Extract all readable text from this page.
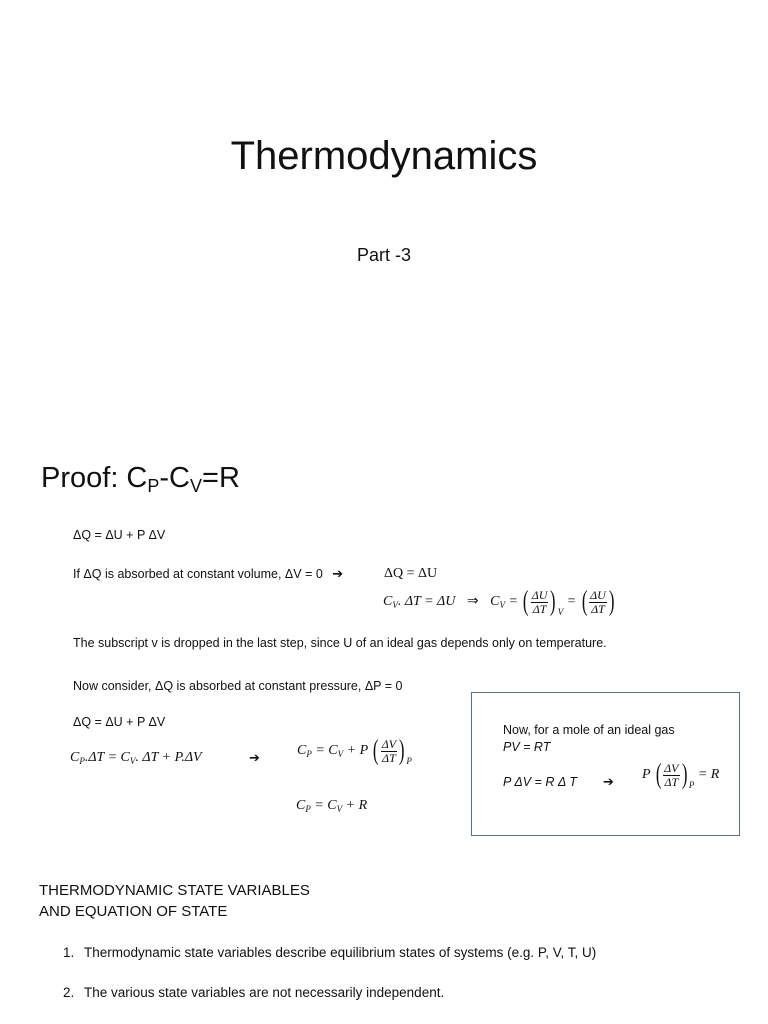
Thermodynamics
Part -3
Proof: CP-CV=R
ΔQ = ΔU + P ΔV
If ΔQ is absorbed at constant volume, ΔV = 0 ➔	ΔQ = ΔU
$C_V$. ΔT = ΔU ⇒ $C_V$ = ( $\frac{\Delta U}{\Delta T}$ ) $_V$ = ( $\frac{\Delta U}{\Delta T}$ )
The subscript v is dropped in the last step, since U of an ideal gas depends only on temperature.
Now consider, ΔQ is absorbed at constant pressure, ΔP = 0
ΔQ = ΔU + P ΔV
$C_P.\Delta T = C_V$. ΔT + P.ΔV	➔
$C_P = C_V + P$ ( $\frac{\Delta V}{\Delta T}$ ) $_P$
$C_P = C_V + R$
Now, for a mole of an ideal gas
PV = RT
P ΔV = R Δ T ➔
P ( $\frac{\Delta V}{\Delta T}$ ) $_P$ = R
THERMODYNAMIC STATE VARIABLES
AND EQUATION OF STATE
1. Thermodynamic state variables describe equilibrium states of systems (e.g. P, V, T, U)
2. The various state variables are not necessarily independent.
